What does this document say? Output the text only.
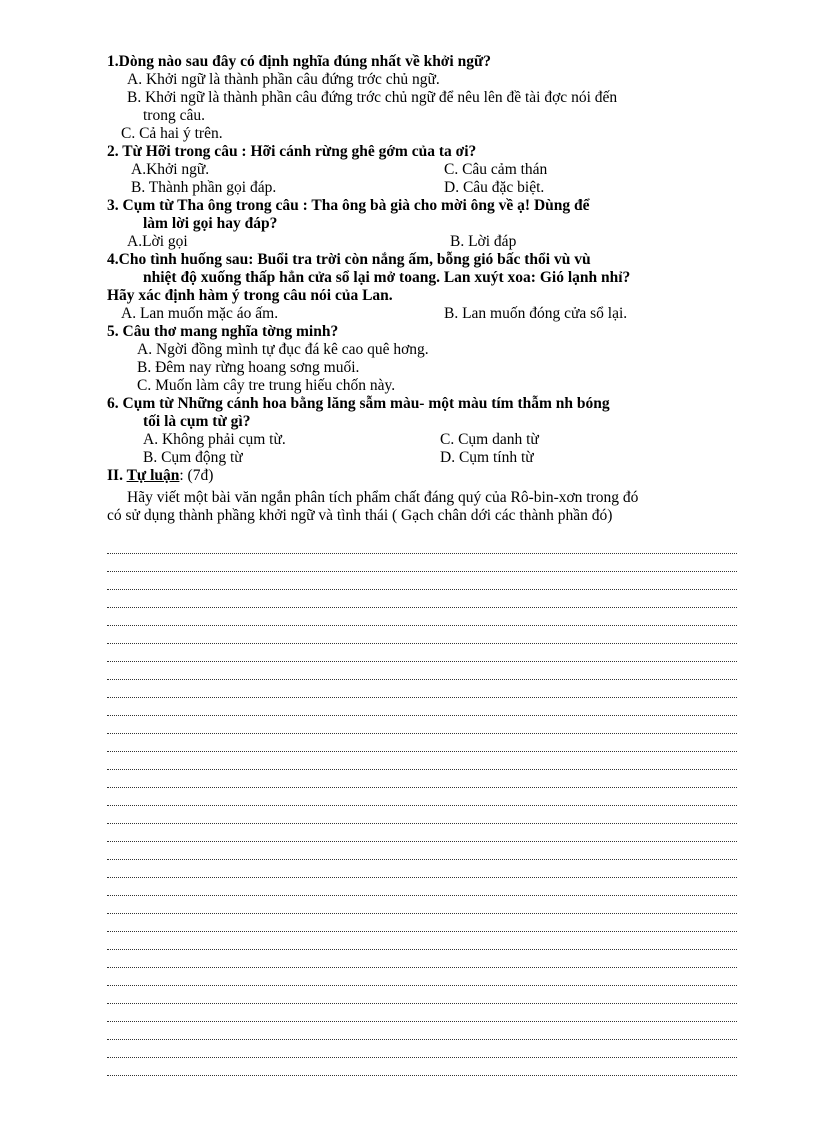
1.Dòng nào sau đây có định nghĩa đúng nhất về khởi ngữ?
A. Khởi ngữ là thành phần câu đứng trớc chủ ngữ.
B. Khởi ngữ là thành phần câu đứng trớc chủ ngữ để nêu lên đề tài đợc nói đến
trong câu.
C. Cả hai ý trên.
2. Từ Hỡi trong câu : Hỡi cánh rừng ghê gớm của ta ơi?
A.Khởi ngữ.	C. Câu cảm thán
B. Thành phần gọi đáp.	D. Câu đặc biệt.
3. Cụm từ Tha ông trong câu : Tha ông bà già cho mời ông về ạ! Dùng để
làm lời gọi hay đáp?
A.Lời gọi	B. Lời đáp
4.Cho tình huống sau: Buổi tra trời còn nắng ấm, bỗng gió bấc thổi vù vù
nhiệt độ xuống thấp hẳn cửa sổ lại mở toang. Lan xuýt xoa: Gió lạnh nhỉ?
Hãy xác định hàm ý trong câu nói của Lan.
A. Lan muốn mặc áo ấm.	B. Lan muốn đóng cửa sổ lại.
5. Câu thơ mang nghĩa tờng minh?
A. Ngời đồng mình tự đục đá kê cao quê hơng.
B. Đêm nay rừng hoang sơng muối.
C. Muốn làm cây tre trung hiếu chốn này.
6. Cụm từ Những cánh hoa bằng lăng sẫm màu- một màu tím thẫm nh bóng
tối là cụm từ gì?
A. Không phải cụm từ.	C. Cụm danh từ
B. Cụm động từ	D. Cụm tính từ
II. Tự luận: (7đ)
Hãy viết một bài văn ngắn phân tích phẩm chất đáng quý của Rô-bin-xơn trong đó
có sử dụng thành phầng khởi ngữ và tình thái ( Gạch chân dới các thành phần đó)
